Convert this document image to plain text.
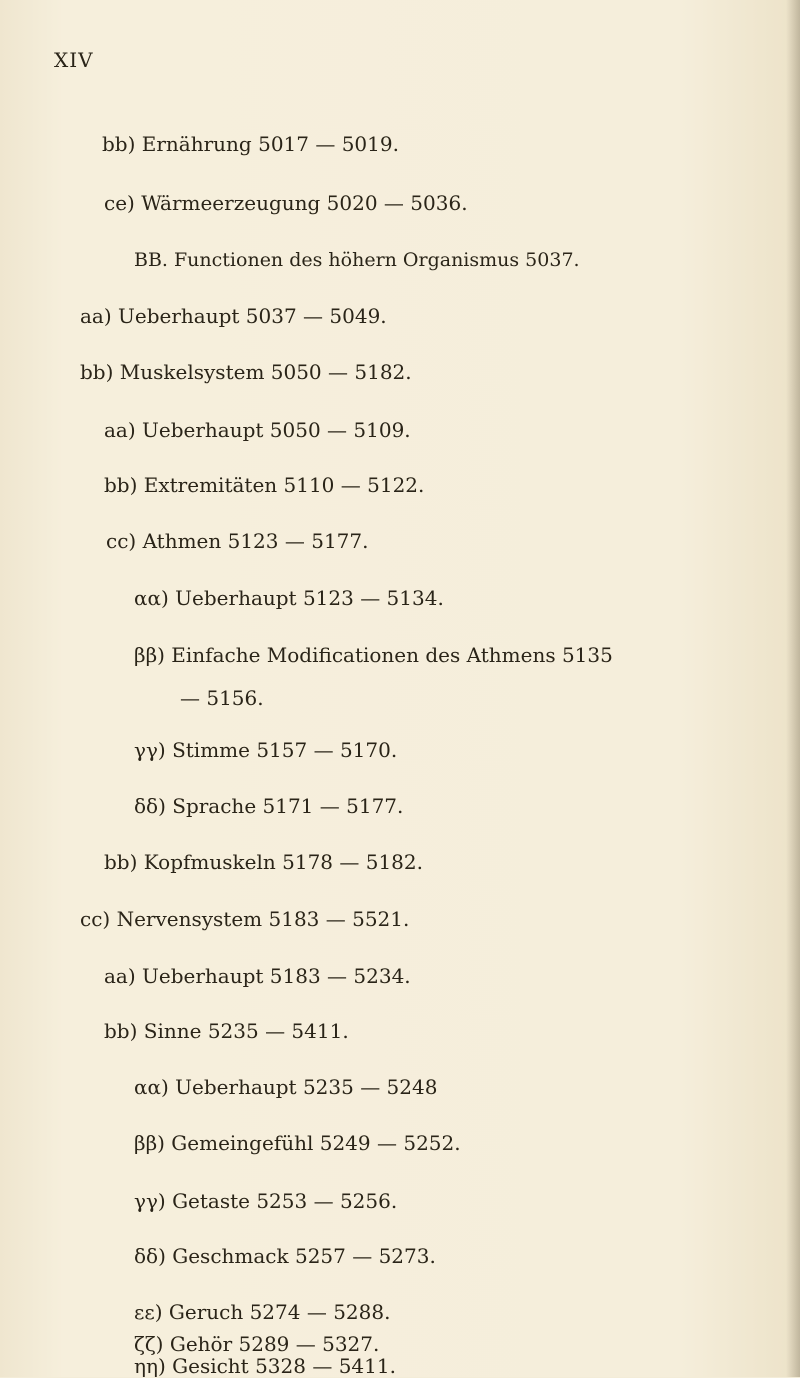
XIV
bb) Ernährung 5017 — 5019.
ce) Wärmeerzeugung 5020 — 5036.
BB. Functionen des höhern Organismus 5037.
aa) Ueberhaupt 5037 — 5049.
bb) Muskelsystem 5050 — 5182.
aa) Ueberhaupt 5050 — 5109.
bb) Extremitäten 5110 — 5122.
cc) Athmen 5123 — 5177.
αα) Ueberhaupt 5123 — 5134.
ββ) Einfache Modificationen des Athmens 5135
— 5156.
γγ) Stimme 5157 — 5170.
δδ) Sprache 5171 — 5177.
bb) Kopfmuskeln 5178 — 5182.
cc) Nervensystem 5183 — 5521.
aa) Ueberhaupt 5183 — 5234.
bb) Sinne 5235 — 5411.
αα) Ueberhaupt 5235 — 5248
ββ) Gemeingefühl 5249 — 5252.
γγ) Getaste 5253 — 5256.
δδ) Geschmack 5257 — 5273.
εε) Geruch 5274 — 5288.
ζζ) Gehör 5289 — 5327.
ηη) Gesicht 5328 — 5411.
